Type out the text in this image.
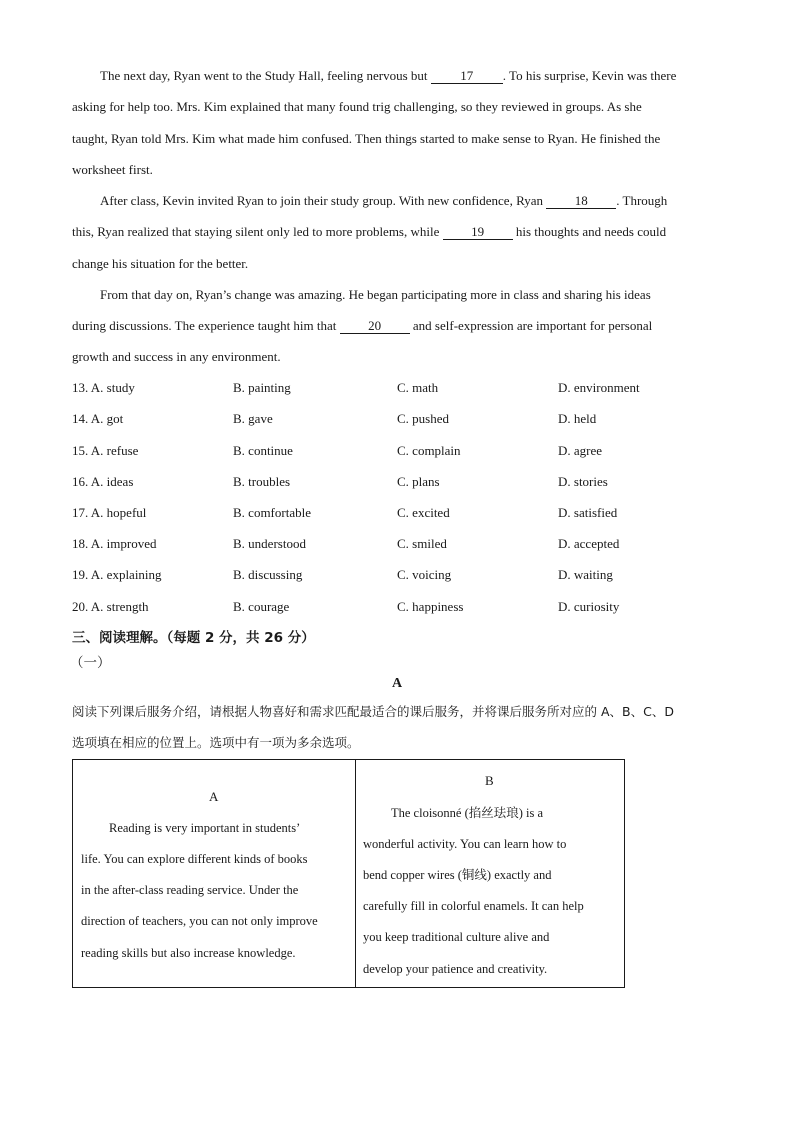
The next day, Ryan went to the Study Hall, feeling nervous but 17 . To his surprise, Kevin was there
asking for help too. Mrs. Kim explained that many found trig challenging, so they reviewed in groups. As she
taught, Ryan told Mrs. Kim what made him confused. Then things started to make sense to Ryan. He finished the
worksheet first.
After class, Kevin invited Ryan to join their study group. With new confidence, Ryan 18 . Through
this, Ryan realized that staying silent only led to more problems, while 19 his thoughts and needs could
change his situation for the better.
From that day on, Ryan’s change was amazing. He began participating more in class and sharing his ideas
during discussions. The experience taught him that 20 and self-expression are important for personal
growth and success in any environment.
13. A. study	B. painting	C. math	D. environment
14. A. got	B. gave	C. pushed	D. held
15. A. refuse	B. continue	C. complain	D. agree
16. A. ideas	B. troubles	C. plans	D. stories
17. A. hopeful	B. comfortable	C. excited	D. satisfied
18. A. improved	B. understood	C. smiled	D. accepted
19. A. explaining	B. discussing	C. voicing	D. waiting
20. A. strength	B. courage	C. happiness	D. curiosity
三、阅读理解。（每题 2 分，共 26 分）
（一）
A
阅读下列课后服务介绍，请根据人物喜好和需求匹配最适合的课后服务，并将课后服务所对应的 A、B、C、D
选项填在相应的位置上。选项中有一项为多余选项。
A
Reading is very important in students’
life. You can explore different kinds of books
in the after-class reading service. Under the
direction of teachers, you can not only improve
reading skills but also increase knowledge.
B
The cloisonné (掐丝珐琅) is a
wonderful activity. You can learn how to
bend copper wires (铜线) exactly and
carefully fill in colorful enamels. It can help
you keep traditional culture alive and
develop your patience and creativity.
